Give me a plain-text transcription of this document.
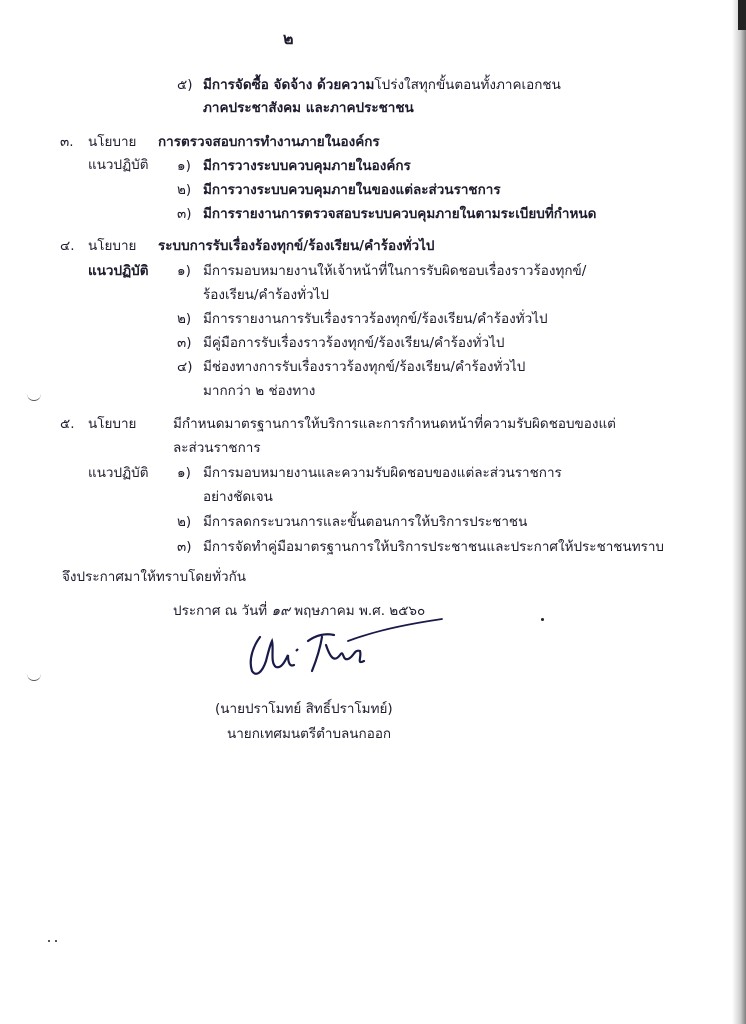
๒
๕) มีการจัดซื้อ จัดจ้าง ด้วยความโปร่งใสทุกขั้นตอนทั้งภาคเอกชน
ภาคประชาสังคม และภาคประชาชน
๓. นโยบาย การตรวจสอบการทำงานภายในองค์กร
แนวปฏิบัติ ๑) มีการวางระบบควบคุมภายในองค์กร
๒) มีการวางระบบควบคุมภายในของแต่ละส่วนราชการ
๓) มีการรายงานการตรวจสอบระบบควบคุมภายในตามระเบียบที่กำหนด
๔. นโยบาย ระบบการรับเรื่องร้องทุกข์/ร้องเรียน/คำร้องทั่วไป
แนวปฏิบัติ ๑) มีการมอบหมายงานให้เจ้าหน้าที่ในการรับผิดชอบเรื่องราวร้องทุกข์/
ร้องเรียน/คำร้องทั่วไป
๒) มีการรายงานการรับเรื่องราวร้องทุกข์/ร้องเรียน/คำร้องทั่วไป
๓) มีคู่มือการรับเรื่องราวร้องทุกข์/ร้องเรียน/คำร้องทั่วไป
๔) มีช่องทางการรับเรื่องราวร้องทุกข์/ร้องเรียน/คำร้องทั่วไป
มากกว่า ๒ ช่องทาง
๕. นโยบาย	มีกำหนดมาตรฐานการให้บริการและการกำหนดหน้าที่ความรับผิดชอบของแต่
ละส่วนราชการ
แนวปฏิบัติ ๑) มีการมอบหมายงานและความรับผิดชอบของแต่ละส่วนราชการ
อย่างชัดเจน
๒) มีการลดกระบวนการและขั้นตอนการให้บริการประชาชน
๓) มีการจัดทำคู่มือมาตรฐานการให้บริการประชาชนและประกาศให้ประชาชนทราบ
จึงประกาศมาให้ทราบโดยทั่วกัน
ประกาศ ณ วันที่ ๑๙ พฤษภาคม พ.ศ. ๒๕๖๐
(นายปราโมทย์ สิทธิ์ปราโมทย์)
นายกเทศมนตรีตำบลนกออก
